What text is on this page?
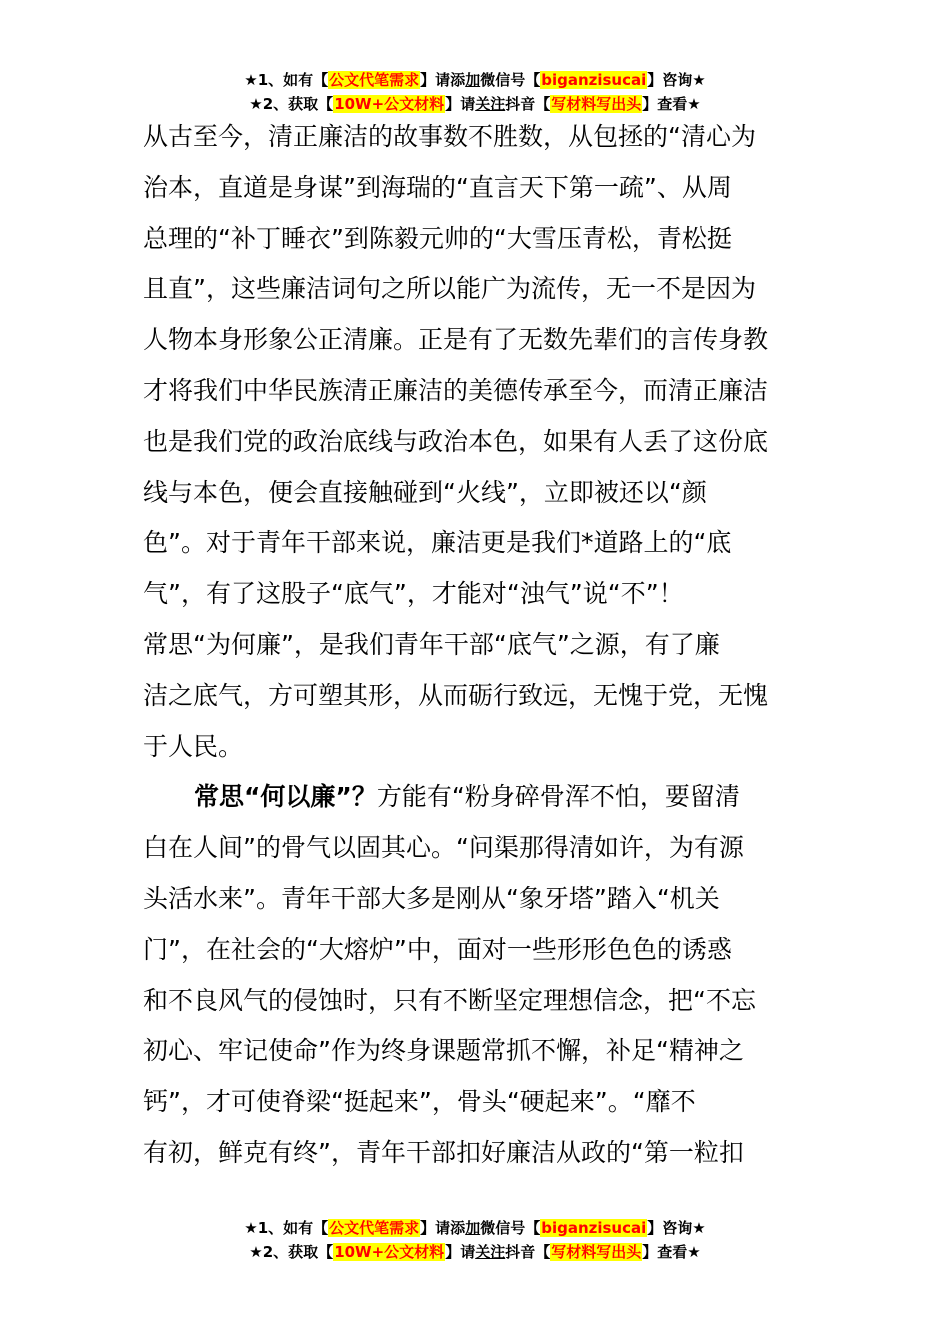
★1、如有【公文代笔需求】请添加微信号【biganzisucai】咨询★
★2、获取【10W+公文材料】请关注抖音【写材料写出头】查看★
从古至今，清正廉洁的故事数不胜数，从包拯的“清心为
治本，直道是身谋”到海瑞的“直言天下第一疏”、从周
总理的“补丁睡衣”到陈毅元帅的“大雪压青松，青松挺
且直”，这些廉洁词句之所以能广为流传，无一不是因为
人物本身形象公正清廉。正是有了无数先辈们的言传身教
才将我们中华民族清正廉洁的美德传承至今，而清正廉洁
也是我们党的政治底线与政治本色，如果有人丢了这份底
线与本色，便会直接触碰到“火线”，立即被还以“颜
色”。对于青年干部来说，廉洁更是我们*道路上的“底
气”，有了这股子“底气”，才能对“浊气”说“不”！
常思“为何廉”，是我们青年干部“底气”之源，有了廉
洁之底气，方可塑其形，从而砺行致远，无愧于党，无愧
于人民。
常思“何以廉”？方能有“粉身碎骨浑不怕，要留清
白在人间”的骨气以固其心。“问渠那得清如许，为有源
头活水来”。青年干部大多是刚从“象牙塔”踏入“机关
门”，在社会的“大熔炉”中，面对一些形形色色的诱惑
和不良风气的侵蚀时，只有不断坚定理想信念，把“不忘
初心、牢记使命”作为终身课题常抓不懈，补足“精神之
钙”，才可使脊梁“挺起来”，骨头“硬起来”。“靡不
有初，鲜克有终”，青年干部扣好廉洁从政的“第一粒扣
★1、如有【公文代笔需求】请添加微信号【biganzisucai】咨询★
★2、获取【10W+公文材料】请关注抖音【写材料写出头】查看★
